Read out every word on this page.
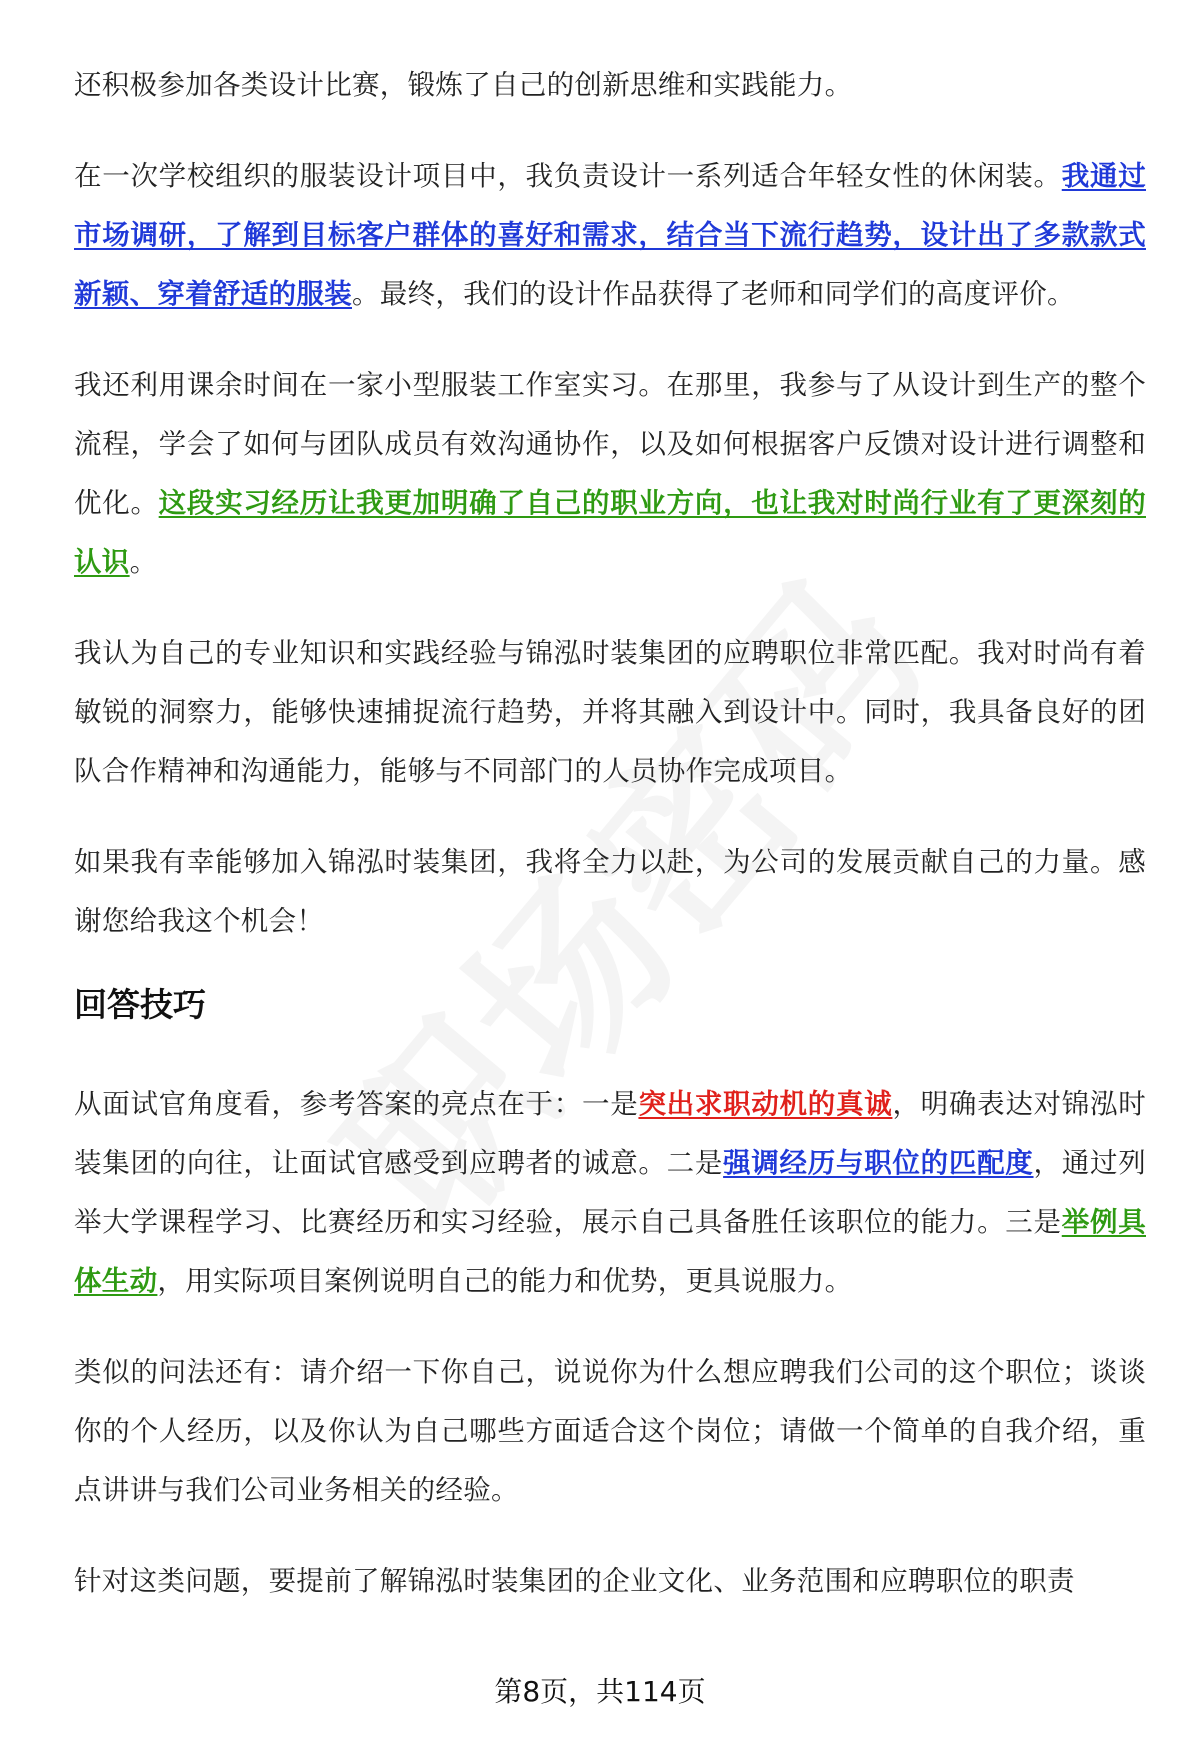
还积极参加各类设计比赛，锻炼了自己的创新思维和实践能力。

在一次学校组织的服装设计项目中，我负责设计一系列适合年轻女性的休闲装。我通过市场调研，了解到目标客户群体的喜好和需求，结合当下流行趋势，设计出了多款款式新颖、穿着舒适的服装。最终，我们的设计作品获得了老师和同学们的高度评价。

我还利用课余时间在一家小型服装工作室实习。在那里，我参与了从设计到生产的整个流程，学会了如何与团队成员有效沟通协作，以及如何根据客户反馈对设计进行调整和优化。这段实习经历让我更加明确了自己的职业方向，也让我对时尚行业有了更深刻的认识。

我认为自己的专业知识和实践经验与锦泓时装集团的应聘职位非常匹配。我对时尚有着敏锐的洞察力，能够快速捕捉流行趋势，并将其融入到设计中。同时，我具备良好的团队合作精神和沟通能力，能够与不同部门的人员协作完成项目。

如果我有幸能够加入锦泓时装集团，我将全力以赴，为公司的发展贡献自己的力量。感谢您给我这个机会！

回答技巧

从面试官角度看，参考答案的亮点在于：一是突出求职动机的真诚，明确表达对锦泓时装集团的向往，让面试官感受到应聘者的诚意。二是强调经历与职位的匹配度，通过列举大学课程学习、比赛经历和实习经验，展示自己具备胜任该职位的能力。三是举例具体生动，用实际项目案例说明自己的能力和优势，更具说服力。

类似的问法还有：请介绍一下你自己，说说你为什么想应聘我们公司的这个职位；谈谈你的个人经历，以及你认为自己哪些方面适合这个岗位；请做一个简单的自我介绍，重点讲讲与我们公司业务相关的经验。

针对这类问题，要提前了解锦泓时装集团的企业文化、业务范围和应聘职位的职责

第8页，共114页
